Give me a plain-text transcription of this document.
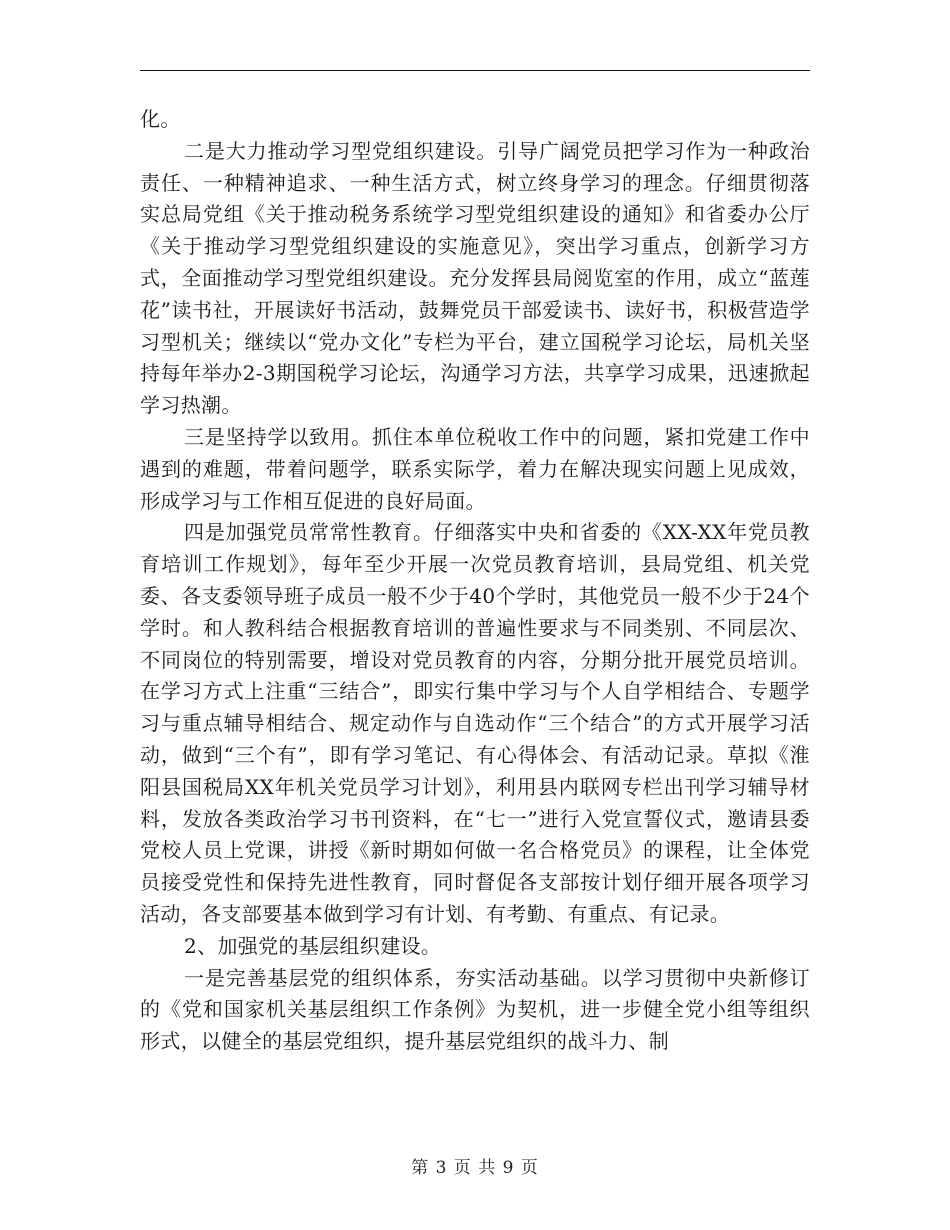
化。

二是大力推动学习型党组织建设。引导广阔党员把学习作为一种政治责任、一种精神追求、一种生活方式，树立终身学习的理念。仔细贯彻落实总局党组《关于推动税务系统学习型党组织建设的通知》和省委办公厅《关于推动学习型党组织建设的实施意见》，突出学习重点，创新学习方式，全面推动学习型党组织建设。充分发挥县局阅览室的作用，成立“蓝莲花”读书社，开展读好书活动，鼓舞党员干部爱读书、读好书，积极营造学习型机关；继续以“党办文化”专栏为平台，建立国税学习论坛，局机关坚持每年举办2-3期国税学习论坛，沟通学习方法，共享学习成果，迅速掀起学习热潮。

三是坚持学以致用。抓住本单位税收工作中的问题，紧扣党建工作中遇到的难题，带着问题学，联系实际学，着力在解决现实问题上见成效，形成学习与工作相互促进的良好局面。

四是加强党员常常性教育。仔细落实中央和省委的《XX-XX年党员教育培训工作规划》，每年至少开展一次党员教育培训，县局党组、机关党委、各支委领导班子成员一般不少于40个学时，其他党员一般不少于24个学时。和人教科结合根据教育培训的普遍性要求与不同类别、不同层次、不同岗位的特别需要，增设对党员教育的内容，分期分批开展党员培训。在学习方式上注重“三结合”，即实行集中学习与个人自学相结合、专题学习与重点辅导相结合、规定动作与自选动作“三个结合”的方式开展学习活动，做到“三个有”，即有学习笔记、有心得体会、有活动记录。草拟《淮阳县国税局XX年机关党员学习计划》，利用县内联网专栏出刊学习辅导材料，发放各类政治学习书刊资料，在“七一”进行入党宣誓仪式，邀请县委党校人员上党课，讲授《新时期如何做一名合格党员》的课程，让全体党员接受党性和保持先进性教育，同时督促各支部按计划仔细开展各项学习活动，各支部要基本做到学习有计划、有考勤、有重点、有记录。

2、加强党的基层组织建设。

一是完善基层党的组织体系，夯实活动基础。以学习贯彻中央新修订的《党和国家机关基层组织工作条例》为契机，进一步健全党小组等组织形式，以健全的基层党组织，提升基层党组织的战斗力、制

第 3 页 共 9 页
